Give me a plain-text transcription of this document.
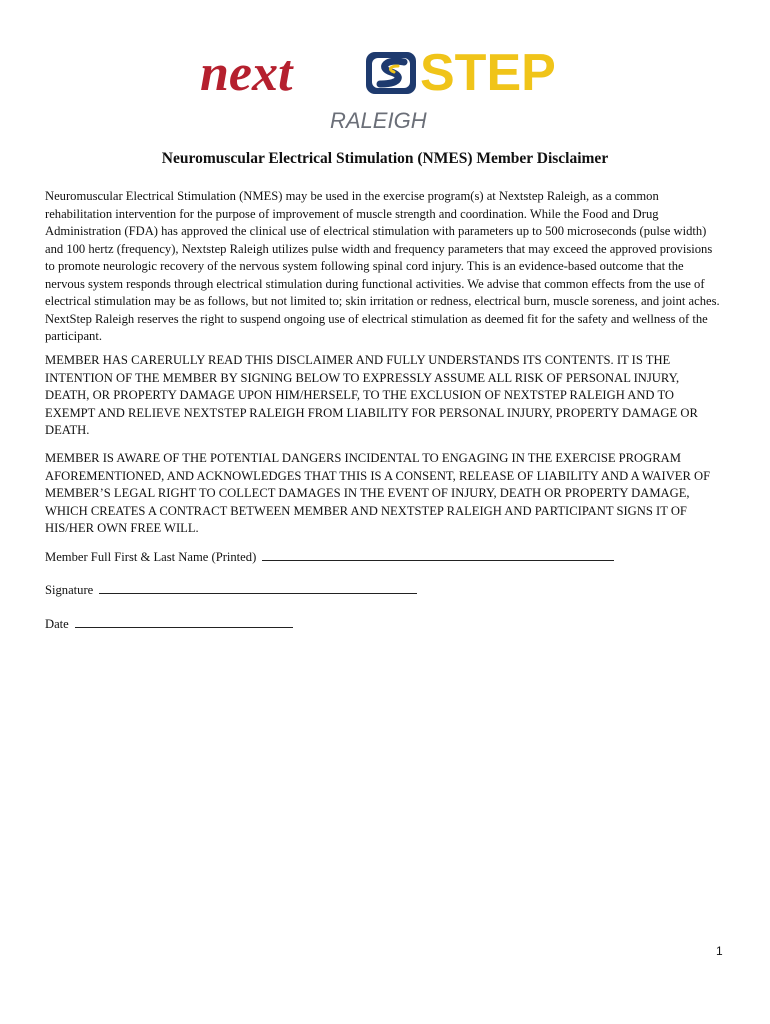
next STEP
RALEIGH
Neuromuscular Electrical Stimulation (NMES) Member Disclaimer
Neuromuscular Electrical Stimulation (NMES) may be used in the exercise program(s) at Nextstep Raleigh, as a common rehabilitation intervention for the purpose of improvement of muscle strength and coordination. While the Food and Drug Administration (FDA) has approved the clinical use of electrical stimulation with parameters up to 500 microseconds (pulse width) and 100 hertz (frequency), Nextstep Raleigh utilizes pulse width and frequency parameters that may exceed the approved provisions to promote neurologic recovery of the nervous system following spinal cord injury. This is an evidence-based outcome that the nervous system responds through electrical stimulation during functional activities. We advise that common effects from the use of electrical stimulation may be as follows, but not limited to; skin irritation or redness, electrical burn, muscle soreness, and joint aches. NextStep Raleigh reserves the right to suspend ongoing use of electrical stimulation as deemed fit for the safety and wellness of the participant.
MEMBER HAS CARERULLY READ THIS DISCLAIMER AND FULLY UNDERSTANDS ITS CONTENTS. IT IS THE INTENTION OF THE MEMBER BY SIGNING BELOW TO EXPRESSLY ASSUME ALL RISK OF PERSONAL INJURY, DEATH, OR PROPERTY DAMAGE UPON HIM/HERSELF, TO THE EXCLUSION OF NEXTSTEP RALEIGH AND TO EXEMPT AND RELIEVE NEXTSTEP RALEIGH FROM LIABILITY FOR PERSONAL INJURY, PROPERTY DAMAGE OR DEATH.
MEMBER IS AWARE OF THE POTENTIAL DANGERS INCIDENTAL TO ENGAGING IN THE EXERCISE PROGRAM AFOREMENTIONED, AND ACKNOWLEDGES THAT THIS IS A CONSENT, RELEASE OF LIABILITY AND A WAIVER OF MEMBER’S LEGAL RIGHT TO COLLECT DAMAGES IN THE EVENT OF INJURY, DEATH OR PROPERTY DAMAGE, WHICH CREATES A CONTRACT BETWEEN MEMBER AND NEXTSTEP RALEIGH AND PARTICIPANT SIGNS IT OF HIS/HER OWN FREE WILL.
Member Full First & Last Name (Printed)
Signature
Date
1
